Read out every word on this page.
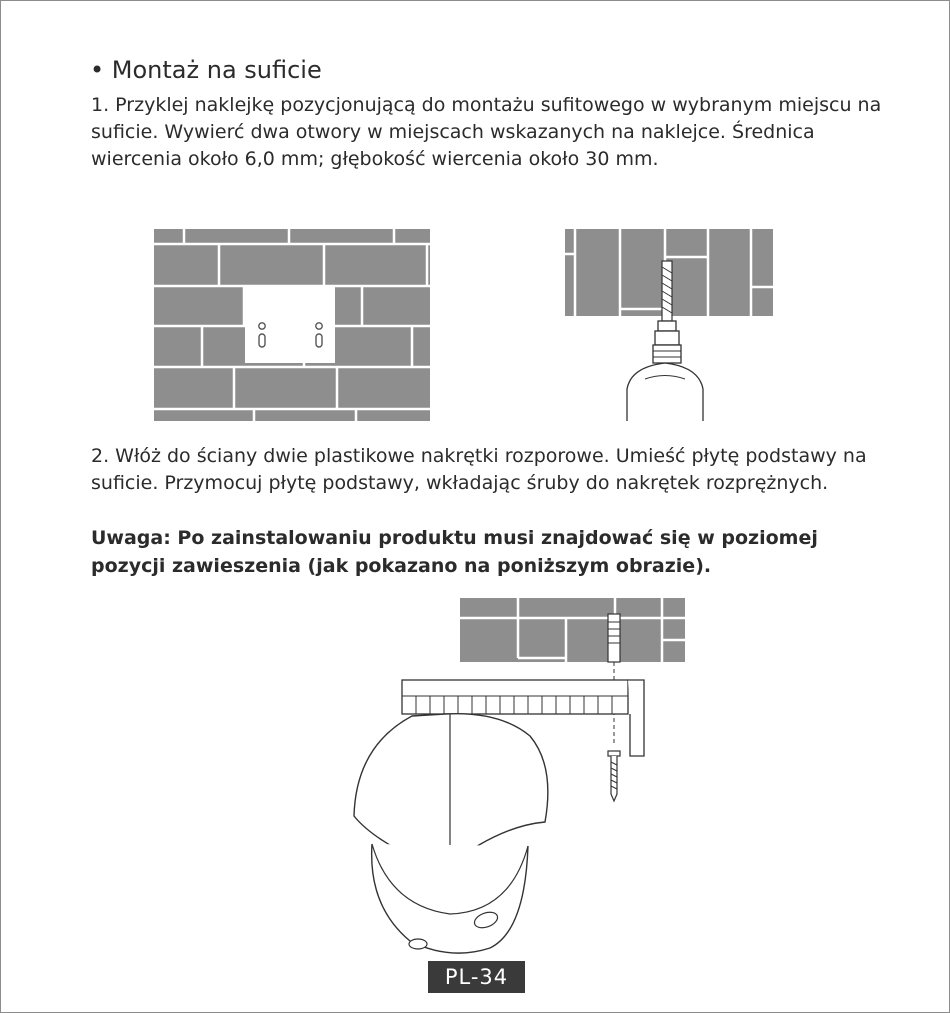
• Montaż na suficie
1. Przyklej naklejkę pozycjonującą do montażu sufitowego w wybranym miejscu na suficie. Wywierć dwa otwory w miejscach wskazanych na naklejce. Średnica wiercenia około 6,0 mm; głębokość wiercenia około 30 mm.
2. Włóż do ściany dwie plastikowe nakrętki rozporowe. Umieść płytę podstawy na suficie. Przymocuj płytę podstawy, wkładając śruby do nakrętek rozprężnych.
Uwaga: Po zainstalowaniu produktu musi znajdować się w poziomej pozycji zawieszenia (jak pokazano na poniższym obrazie).
PL-34
